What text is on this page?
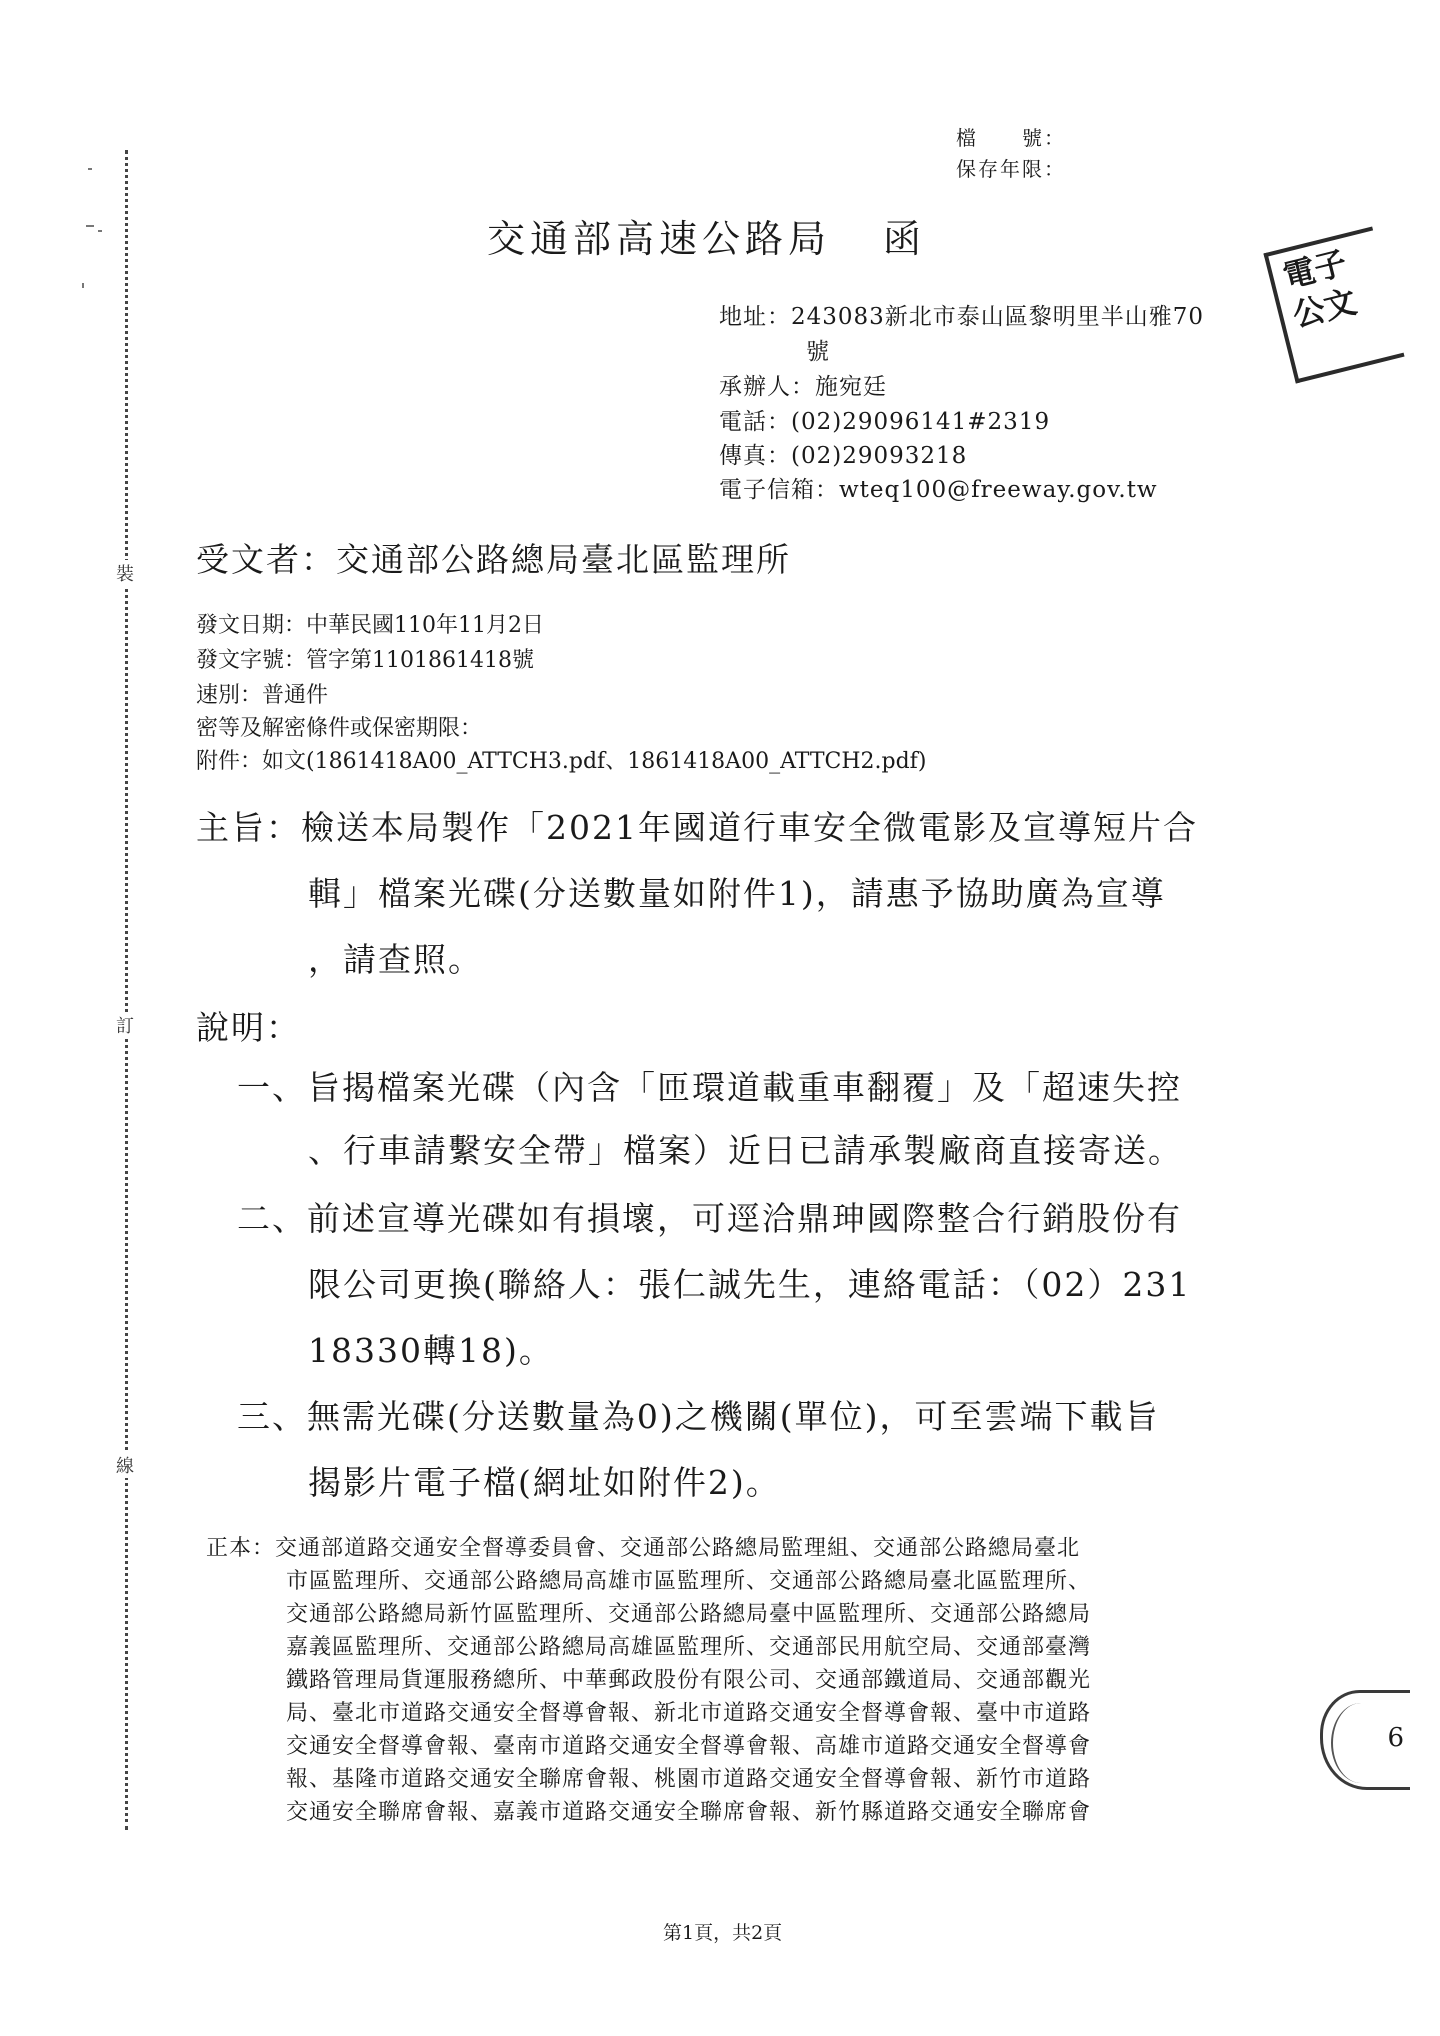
裝
訂
線
檔　　號：
保存年限：
交通部高速公路局 函
電子
公文
地址：243083新北市泰山區黎明里半山雅70
號
承辦人：施宛廷
電話：(02)29096141#2319
傳真：(02)29093218
電子信箱：wteq100@freeway.gov.tw
受文者：交通部公路總局臺北區監理所
發文日期：中華民國110年11月2日
發文字號：管字第1101861418號
速別：普通件
密等及解密條件或保密期限：
附件：如文(1861418A00_ATTCH3.pdf、1861418A00_ATTCH2.pdf)
主旨：檢送本局製作「2021年國道行車安全微電影及宣導短片合
輯」檔案光碟(分送數量如附件1)，請惠予協助廣為宣導
，請查照。
說明：
一、旨揭檔案光碟（內含「匝環道載重車翻覆」及「超速失控
、行車請繫安全帶」檔案）近日已請承製廠商直接寄送。
二、前述宣導光碟如有損壞，可逕洽鼎珅國際整合行銷股份有
限公司更換(聯絡人：張仁誠先生，連絡電話：（02）231
18330轉18)。
三、無需光碟(分送數量為0)之機關(單位)，可至雲端下載旨
揭影片電子檔(網址如附件2)。
正本：交通部道路交通安全督導委員會、交通部公路總局監理組、交通部公路總局臺北
市區監理所、交通部公路總局高雄市區監理所、交通部公路總局臺北區監理所、
交通部公路總局新竹區監理所、交通部公路總局臺中區監理所、交通部公路總局
嘉義區監理所、交通部公路總局高雄區監理所、交通部民用航空局、交通部臺灣
鐵路管理局貨運服務總所、中華郵政股份有限公司、交通部鐵道局、交通部觀光
局、臺北市道路交通安全督導會報、新北市道路交通安全督導會報、臺中市道路
交通安全督導會報、臺南市道路交通安全督導會報、高雄市道路交通安全督導會
報、基隆市道路交通安全聯席會報、桃園市道路交通安全督導會報、新竹市道路
交通安全聯席會報、嘉義市道路交通安全聯席會報、新竹縣道路交通安全聯席會
6
第1頁，共2頁
